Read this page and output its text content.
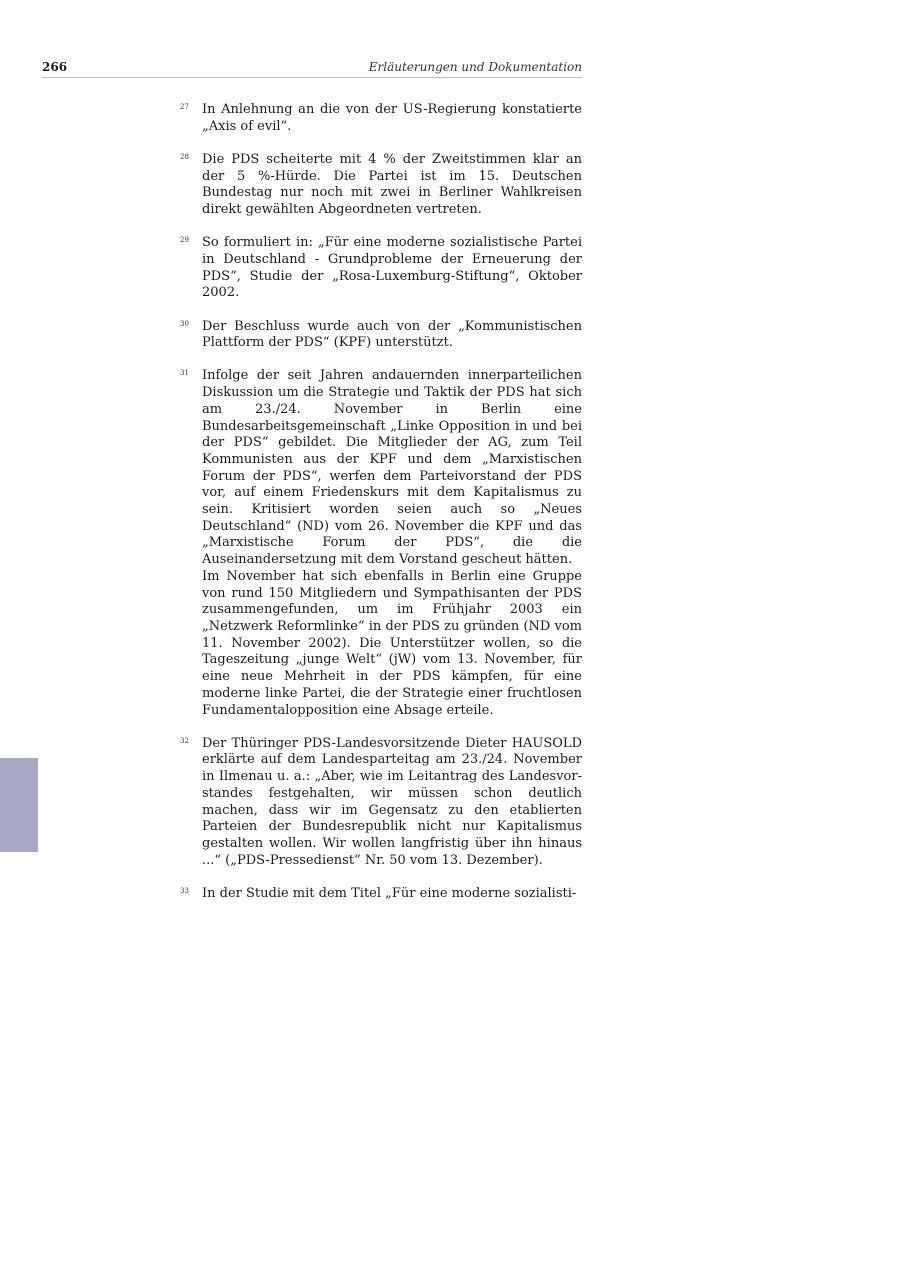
266	Erläuterungen und Dokumentation
27 In Anlehnung an die von der US-Regierung konstatierte „Axis of evil“.

28 Die PDS scheiterte mit 4 % der Zweitstimmen klar an der 5 %-Hürde. Die Partei ist im 15. Deutschen Bundestag nur noch mit zwei in Berliner Wahlkreisen direkt gewählten Abgeordneten vertreten.

29 So formuliert in: „Für eine moderne sozialistische Partei in Deutschland - Grundprobleme der Erneuerung der PDS“, Studie der „Rosa-Luxemburg-Stiftung“, Oktober 2002.

30 Der Beschluss wurde auch von der „Kommunistischen Plattform der PDS“ (KPF) unterstützt.

31 Infolge der seit Jahren andauernden innerparteilichen Diskussion um die Strategie und Taktik der PDS hat sich am 23./24. November in Berlin eine Bundesarbeitsgemeinschaft „Linke Opposition in und bei der PDS“ gebildet. Die Mitglieder der AG, zum Teil Kommunisten aus der KPF und dem „Marxistischen Forum der PDS“, werfen dem Parteivorstand der PDS vor, auf einem Friedenskurs mit dem Kapitalismus zu sein. Kritisiert worden seien auch so „Neues Deutschland“ (ND) vom 26. November die KPF und das „Marxistische Forum der PDS“, die die Auseinandersetzung mit dem Vorstand gescheut hätten.

Im November hat sich ebenfalls in Berlin eine Gruppe von rund 150 Mitgliedern und Sympathisanten der PDS zusammengefunden, um im Frühjahr 2003 ein „Netzwerk Reformlinke“ in der PDS zu gründen (ND vom 11. November 2002). Die Unterstützer wollen, so die Tageszeitung „junge Welt“ (jW) vom 13. November, für eine neue Mehrheit in der PDS kämpfen, für eine moderne linke Partei, die der Strategie einer fruchtlosen Fundamentalopposition eine Absage erteile.

32 Der Thüringer PDS-Landesvorsitzende Dieter HAUSOLD erklärte auf dem Landesparteitag am 23./24. November in Ilmenau u. a.: „Aber, wie im Leitantrag des Landesvorstandes festgehalten, wir müssen schon deutlich machen, dass wir im Gegensatz zu den etablierten Parteien der Bundesrepublik nicht nur Kapitalismus gestalten wollen. Wir wollen langfristig über ihn hinaus ...“ („PDS-Pressedienst“ Nr. 50 vom 13. Dezember).

33 In der Studie mit dem Titel „Für eine moderne sozialisti-
